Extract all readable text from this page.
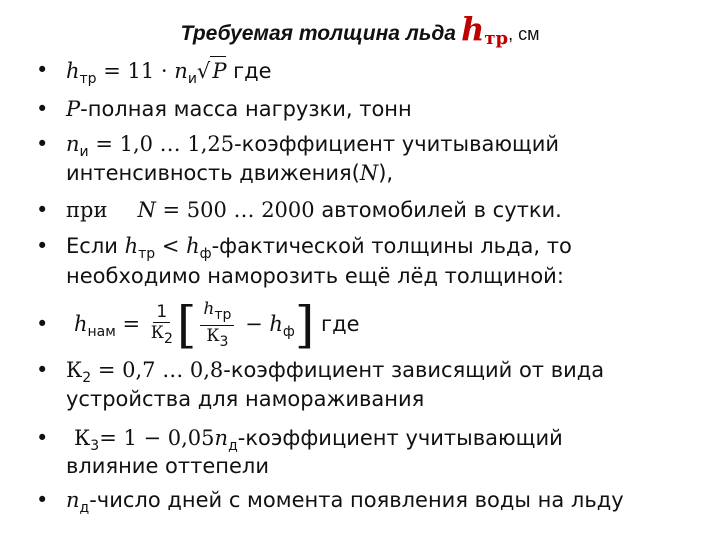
Требуемая толщина льда $h_{тр}$, см
•
•
•
•
•
•
•
•
•
$h_{тр} = 11 \cdot n_и√P$ где
P-полная масса нагрузки, тонн
$n_и = 1,0$ … 1,25-коэффициент учитывающий
интенсивность движения(N),
при N = 500 … 2000 автомобилей в сутки.
Если $h_{тр}$ < $h_ф$-фактической толщины льда, то
необходимо наморозить ещё лёд толщиной:
$h_{нам} = \frac{1}{К_2}$ [ $\frac{h_{тр}}{К_3} - h_ф$] где
$К_2 = 0,7$ … 0,8-коэффициент зависящий от вида
устройства для намораживания
$К_3= 1$ − $0,05n_д$-коэффициент учитывающий
влияние оттепели
$n_д$-число дней с момента появления воды на льду
